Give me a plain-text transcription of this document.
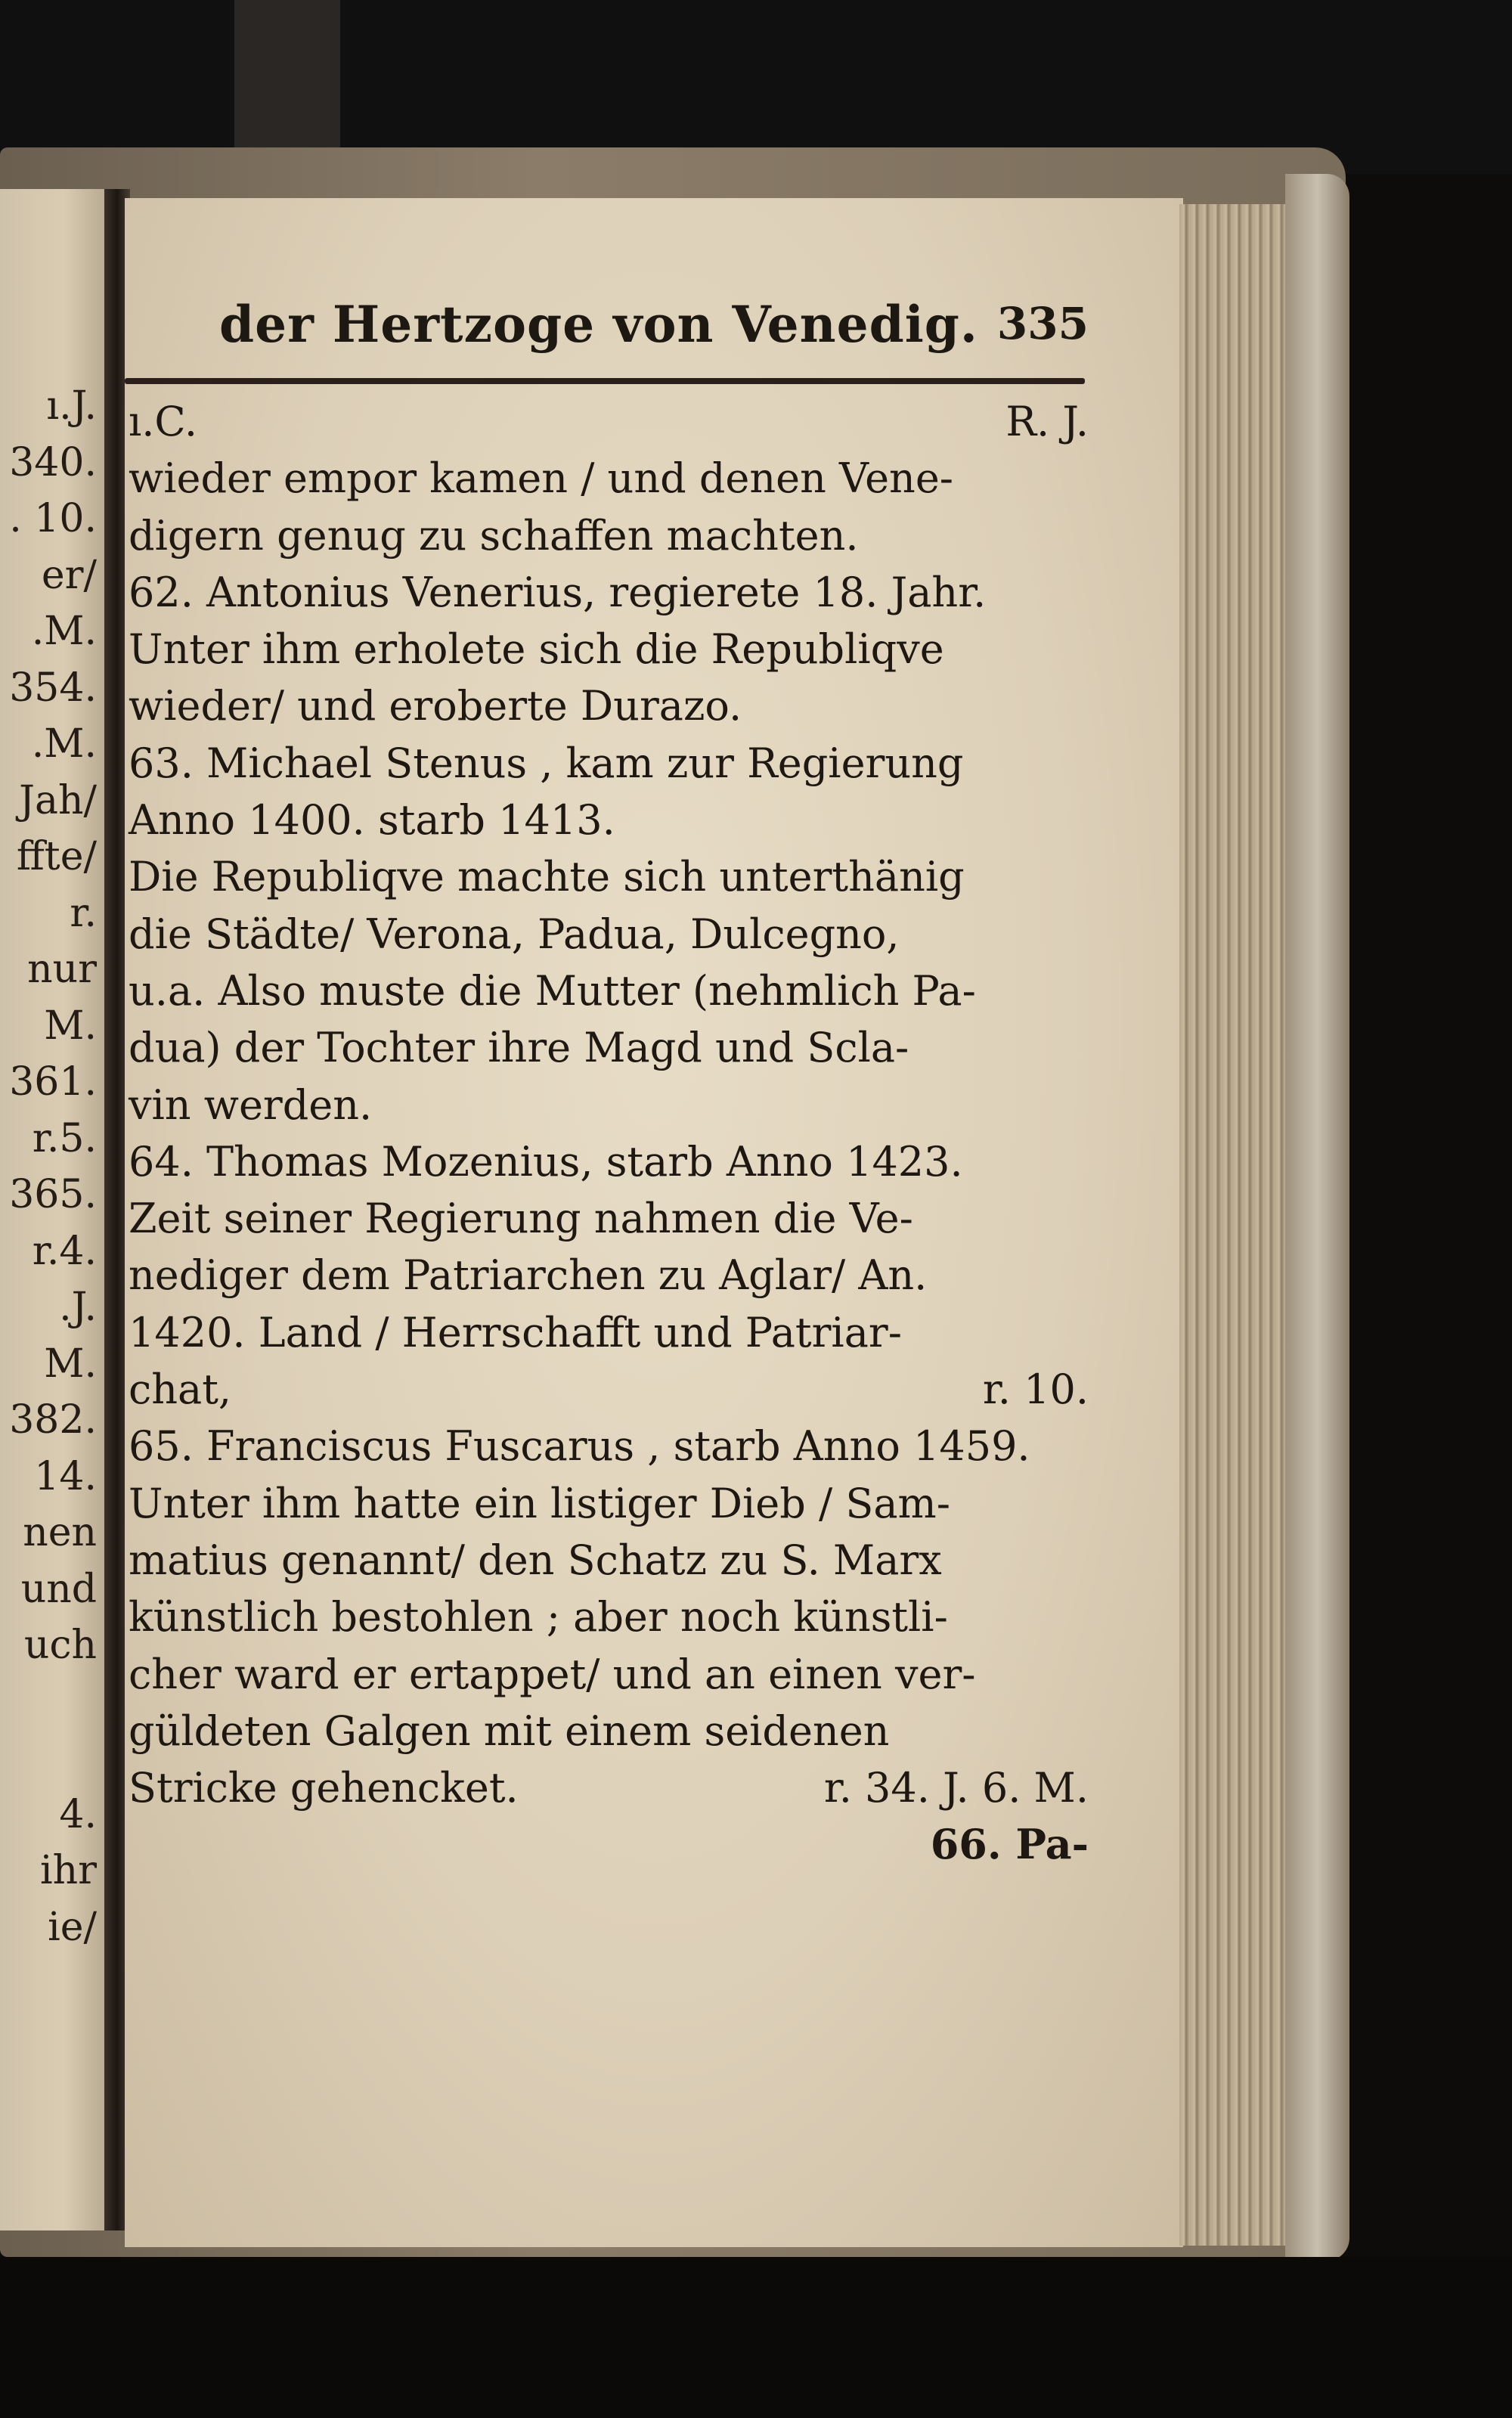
ı.J.
340.
. 10.
er/
.M.
354.
.M.
Jah/
ffte/
r.
nur
M.
361.
r.5.
365.
r.4.
.J.
M.
382.
14.
nen
und
uch
4.
ihr
ie/
der Hertzoge von Venedig. 335
ı.C.	R. J.
wieder empor kamen / und denen Vene-
digern genug zu schaffen machten.
62. Antonius Venerius, regierete 18. Jahr.
Unter ihm erholete sich die Republiqve
wieder/ und eroberte Durazo.
63. Michael Stenus , kam zur Regierung
Anno 1400. starb 1413.
Die Republiqve machte sich unterthänig
die Städte/ Verona, Padua, Dulcegno,
u.a. Also muste die Mutter (nehmlich Pa-
dua) der Tochter ihre Magd und Scla-
vin werden.
64. Thomas Mozenius, starb Anno 1423.
Zeit seiner Regierung nahmen die Ve-
nediger dem Patriarchen zu Aglar/ An.
1420. Land / Herrschafft und Patriar-
chat,	r. 10.
65. Franciscus Fuscarus , starb Anno 1459.
Unter ihm hatte ein listiger Dieb / Sam-
matius genannt/ den Schatz zu S. Marx
künstlich bestohlen ; aber noch künstli-
cher ward er ertappet/ und an einen ver-
güldeten Galgen mit einem seidenen
Stricke gehencket.	r. 34. J. 6. M.
66. Pa-
